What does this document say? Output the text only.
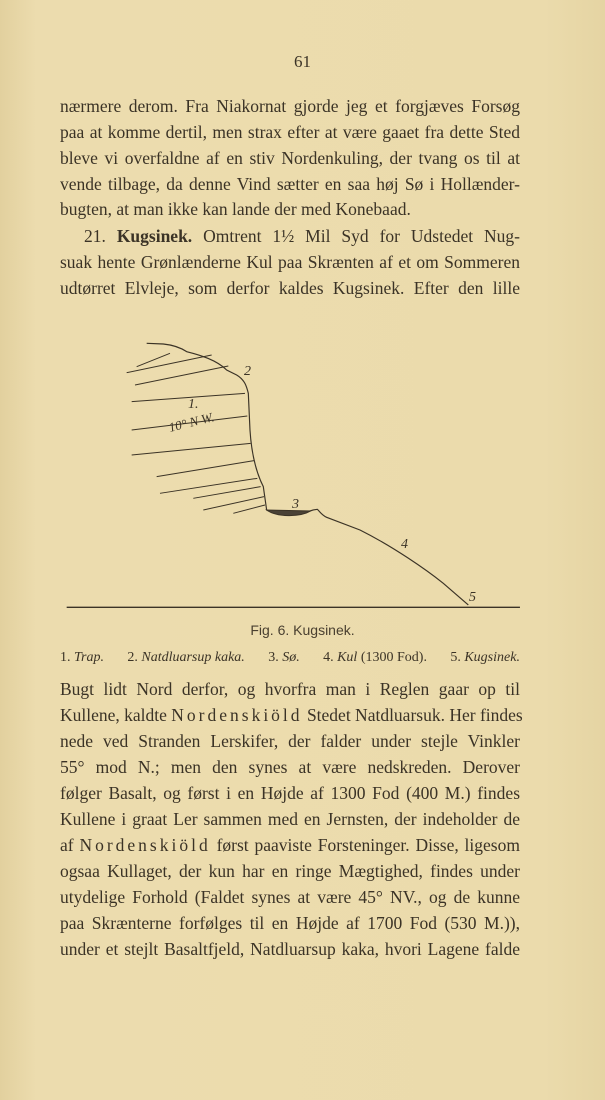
61
nærmere derom. Fra Niakornat gjorde jeg et forgjæves Forsøg
paa at komme dertil, men strax efter at være gaaet fra dette Sted
bleve vi overfaldne af en stiv Nordenkuling, der tvang os til at
vende tilbage, da denne Vind sætter en saa høj Sø i Hollænder-
bugten, at man ikke kan lande der med Konebaad.
21. Kugsinek. Omtrent 1½ Mil Syd for Udstedet Nug-
suak hente Grønlænderne Kul paa Skrænten af et om Sommeren
udtørret Elvleje, som derfor kaldes Kugsinek. Efter den lille
1.
10° N W.
2
3
4
5
Fig. 6. Kugsinek.
1. Trap. 2. Natdluarsup kaka. 3. Sø. 4. Kul (1300 Fod). 5. Kugsinek.
Bugt lidt Nord derfor, og hvorfra man i Reglen gaar op til
Kullene, kaldte Nordenskiöld Stedet Natdluarsuk. Her findes
nede ved Stranden Lerskifer, der falder under stejle Vinkler
55° mod N.; men den synes at være nedskreden. Derover
følger Basalt, og først i en Højde af 1300 Fod (400 M.) findes
Kullene i graat Ler sammen med en Jernsten, der indeholder de
af Nordenskiöld først paaviste Forsteninger. Disse, ligesom
ogsaa Kullaget, der kun har en ringe Mægtighed, findes under
utydelige Forhold (Faldet synes at være 45° NV., og de kunne
paa Skrænterne forfølges til en Højde af 1700 Fod (530 M.)),
under et stejlt Basaltfjeld, Natdluarsup kaka, hvori Lagene falde
